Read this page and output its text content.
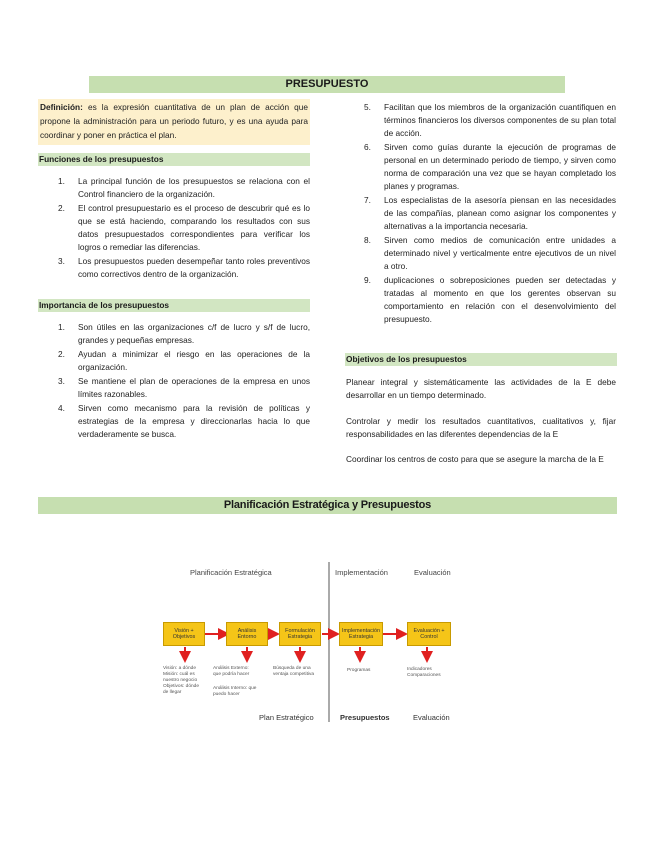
PRESUPUESTO
Definición: es la expresión cuantitativa de un plan de acción que propone la administración para un periodo futuro, y es una ayuda para coordinar y poner en práctica el plan.
Funciones de los presupuestos
1. La principal función de los presupuestos se relaciona con el Control financiero de la organización.
2. El control presupuestario es el proceso de descubrir qué es lo que se está haciendo, comparando los resultados con sus datos presupuestados correspondientes para verificar los logros o remediar las diferencias.
3. Los presupuestos pueden desempeñar tanto roles preventivos como correctivos dentro de la organización.
Importancia de los presupuestos
1. Son útiles en las organizaciones c/f de lucro y s/f de lucro, grandes y pequeñas empresas.
2. Ayudan a minimizar el riesgo en las operaciones de la organización.
3. Se mantiene el plan de operaciones de la empresa en unos límites razonables.
4. Sirven como mecanismo para la revisión de políticas y estrategias de la empresa y direccionarlas hacia lo que verdaderamente se busca.
5. Facilitan que los miembros de la organización cuantifiquen en términos financieros los diversos componentes de su plan total de acción.
6. Sirven como guías durante la ejecución de programas de personal en un determinado periodo de tiempo, y sirven como norma de comparación una vez que se hayan completado los planes y programas.
7. Los especialistas de la asesoría piensan en las necesidades de las compañías, planean como asignar los componentes y alternativas a la importancia necesaria.
8. Sirven como medios de comunicación entre unidades a determinado nivel y verticalmente entre ejecutivos de un nivel a otro.
9. duplicaciones o sobreposiciones pueden ser detectadas y tratadas al momento en que los gerentes observan su comportamiento en relación con el desenvolvimiento del presupuesto.
Objetivos de los presupuestos
Planear integral y sistemáticamente las actividades de la E debe desarrollar en un tiempo determinado.
Controlar y medir los resultados cuantitativos, cualitativos y, fijar responsabilidades en las diferentes dependencias de la E
Coordinar los centros de costo para que se asegure la marcha de la E
Planificación Estratégica y Presupuestos
Planificación Estratégica	Implementación	Evaluación
Visión + Objetivos
Análisis Entorno
Formulación Estrategia
Implementación Estrategia
Evaluación + Control
Visión: a dónde
Misión: cuál es
nuestro negocio
Objetivos: dónde
de llegar
Análisis Externo:
que podría hacer
Análisis Interno: que
puedo hacer
Búsqueda de una
ventaja competitiva
Programas	Indicadores
Comparaciones
Plan Estratégico	Presupuestos	Evaluación
